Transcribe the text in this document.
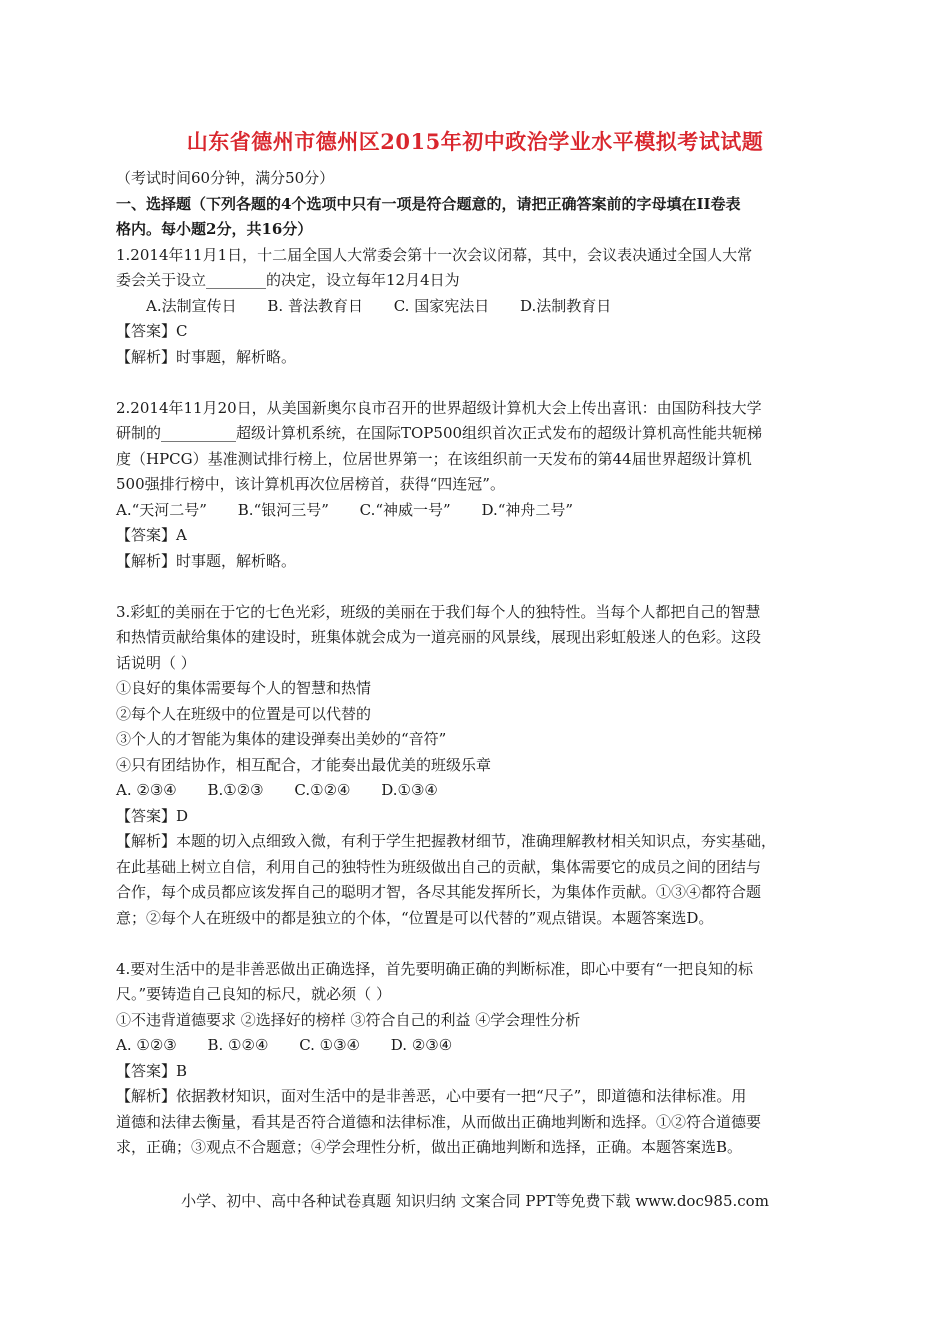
山东省德州市德州区2015年初中政治学业水平模拟考试试题
（考试时间60分钟，满分50分）
一、选择题（下列各题的4个选项中只有一项是符合题意的，请把正确答案前的字母填在II卷表
格内。每小题2分，共16分）
1.2014年11月1日，十二届全国人大常委会第十一次会议闭幕，其中，会议表决通过全国人大常
委会关于设立________的决定，设立每年12月4日为
A.法制宣传日 B. 普法教育日 C. 国家宪法日 D.法制教育日
【答案】C
【解析】时事题，解析略。
2.2014年11月20日，从美国新奥尔良市召开的世界超级计算机大会上传出喜讯：由国防科技大学
研制的__________超级计算机系统，在国际TOP500组织首次正式发布的超级计算机高性能共轭梯
度（HPCG）基准测试排行榜上，位居世界第一；在该组织前一天发布的第44届世界超级计算机
500强排行榜中，该计算机再次位居榜首，获得“四连冠”。
A.“天河二号” B.“银河三号” C.“神威一号” D.“神舟二号”
【答案】A
【解析】时事题，解析略。
3.彩虹的美丽在于它的七色光彩，班级的美丽在于我们每个人的独特性。当每个人都把自己的智慧
和热情贡献给集体的建设时，班集体就会成为一道亮丽的风景线，展现出彩虹般迷人的色彩。这段
话说明（ ）
①良好的集体需要每个人的智慧和热情
②每个人在班级中的位置是可以代替的
③个人的才智能为集体的建设弹奏出美妙的“音符”
④只有团结协作，相互配合，才能奏出最优美的班级乐章
A. ②③④ B.①②③ C.①②④ D.①③④
【答案】D
【解析】本题的切入点细致入微，有利于学生把握教材细节，准确理解教材相关知识点，夯实基础，
在此基础上树立自信，利用自己的独特性为班级做出自己的贡献，集体需要它的成员之间的团结与
合作，每个成员都应该发挥自己的聪明才智，各尽其能发挥所长，为集体作贡献。①③④都符合题
意；②每个人在班级中的都是独立的个体，“位置是可以代替的”观点错误。本题答案选D。
4.要对生活中的是非善恶做出正确选择，首先要明确正确的判断标准，即心中要有“一把良知的标
尺。”要铸造自己良知的标尺，就必须（ ）
①不违背道德要求 ②选择好的榜样 ③符合自己的利益 ④学会理性分析
A. ①②③ B. ①②④ C. ①③④ D. ②③④
【答案】B
【解析】依据教材知识，面对生活中的是非善恶，心中要有一把“尺子”，即道德和法律标准。用
道德和法律去衡量，看其是否符合道德和法律标准，从而做出正确地判断和选择。①②符合道德要
求，正确；③观点不合题意；④学会理性分析，做出正确地判断和选择，正确。本题答案选B。
小学、初中、高中各种试卷真题 知识归纳 文案合同 PPT等免费下载 www.doc985.com
